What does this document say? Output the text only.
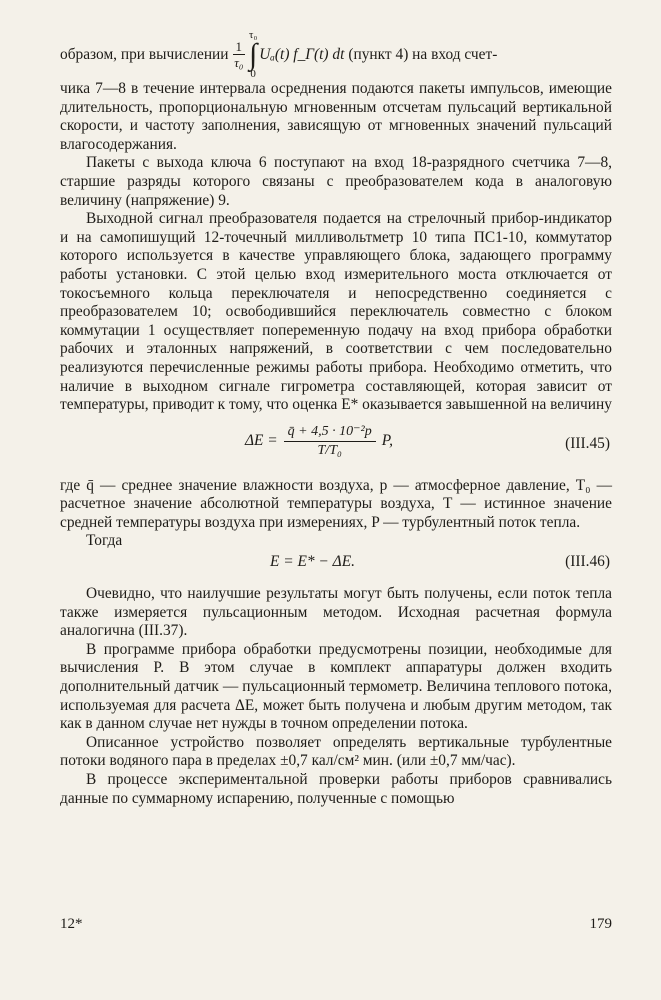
образом, при вычислении $\frac{1}{\text{τ₀}}$
τ₀
∫
0
Uₐ(t) f_Г(t) dt (пункт 4) на вход счет-

чика 7—8 в течение интервала осреднения подаются пакеты импульсов, имеющие длительность, пропорциональную мгновенным отсчетам пульсаций вертикальной скорости, и частоту заполнения, зависящую от мгновенных значений пульсаций влагосодержания.

Пакеты с выхода ключа 6 поступают на вход 18-разрядного счетчика 7—8, старшие разряды которого связаны с преобразователем кода в аналоговую величину (напряжение) 9.

Выходной сигнал преобразователя подается на стрелочный прибор-индикатор и на самопишущий 12-точечный милливольтметр 10 типа ПС1-10, коммутатор которого используется в качестве управляющего блока, задающего программу работы установки. С этой целью вход измерительного моста отключается от токосъемного кольца переключателя и непосредственно соединяется с преобразователем 10; освободившийся переключатель совместно с блоком коммутации 1 осуществляет попеременную подачу на вход прибора обработки рабочих и эталонных напряжений, в соответствии с чем последовательно реализуются перечисленные режимы работы прибора. Необходимо отметить, что наличие в выходном сигнале гигрометра составляющей, которая зависит от температуры, приводит к тому, что оценка E* оказывается завышенной на величину

$\Delta E = \frac{\text{q̄ + 4,5 · 10⁻²p}}{\text{T/T₀}} P$,	(III.45)

где q̄ — среднее значение влажности воздуха, p — атмосферное давление, T₀ — расчетное значение абсолютной температуры воздуха, T — истинное значение средней температуры воздуха при измерениях, P — турбулентный поток тепла.

Тогда

E = E* − ΔE.	(III.46)

Очевидно, что наилучшие результаты могут быть получены, если поток тепла также измеряется пульсационным методом. Исходная расчетная формула аналогична (III.37).

В программе прибора обработки предусмотрены позиции, необходимые для вычисления P. В этом случае в комплект аппаратуры должен входить дополнительный датчик — пульсационный термометр. Величина теплового потока, используемая для расчета ΔE, может быть получена и любым другим методом, так как в данном случае нет нужды в точном определении потока.

Описанное устройство позволяет определять вертикальные турбулентные потоки водяного пара в пределах ±0,7 кал/см² мин. (или ±0,7 мм/час).

В процессе экспериментальной проверки работы приборов сравнивались данные по суммарному испарению, полученные с помощью

12*	179
